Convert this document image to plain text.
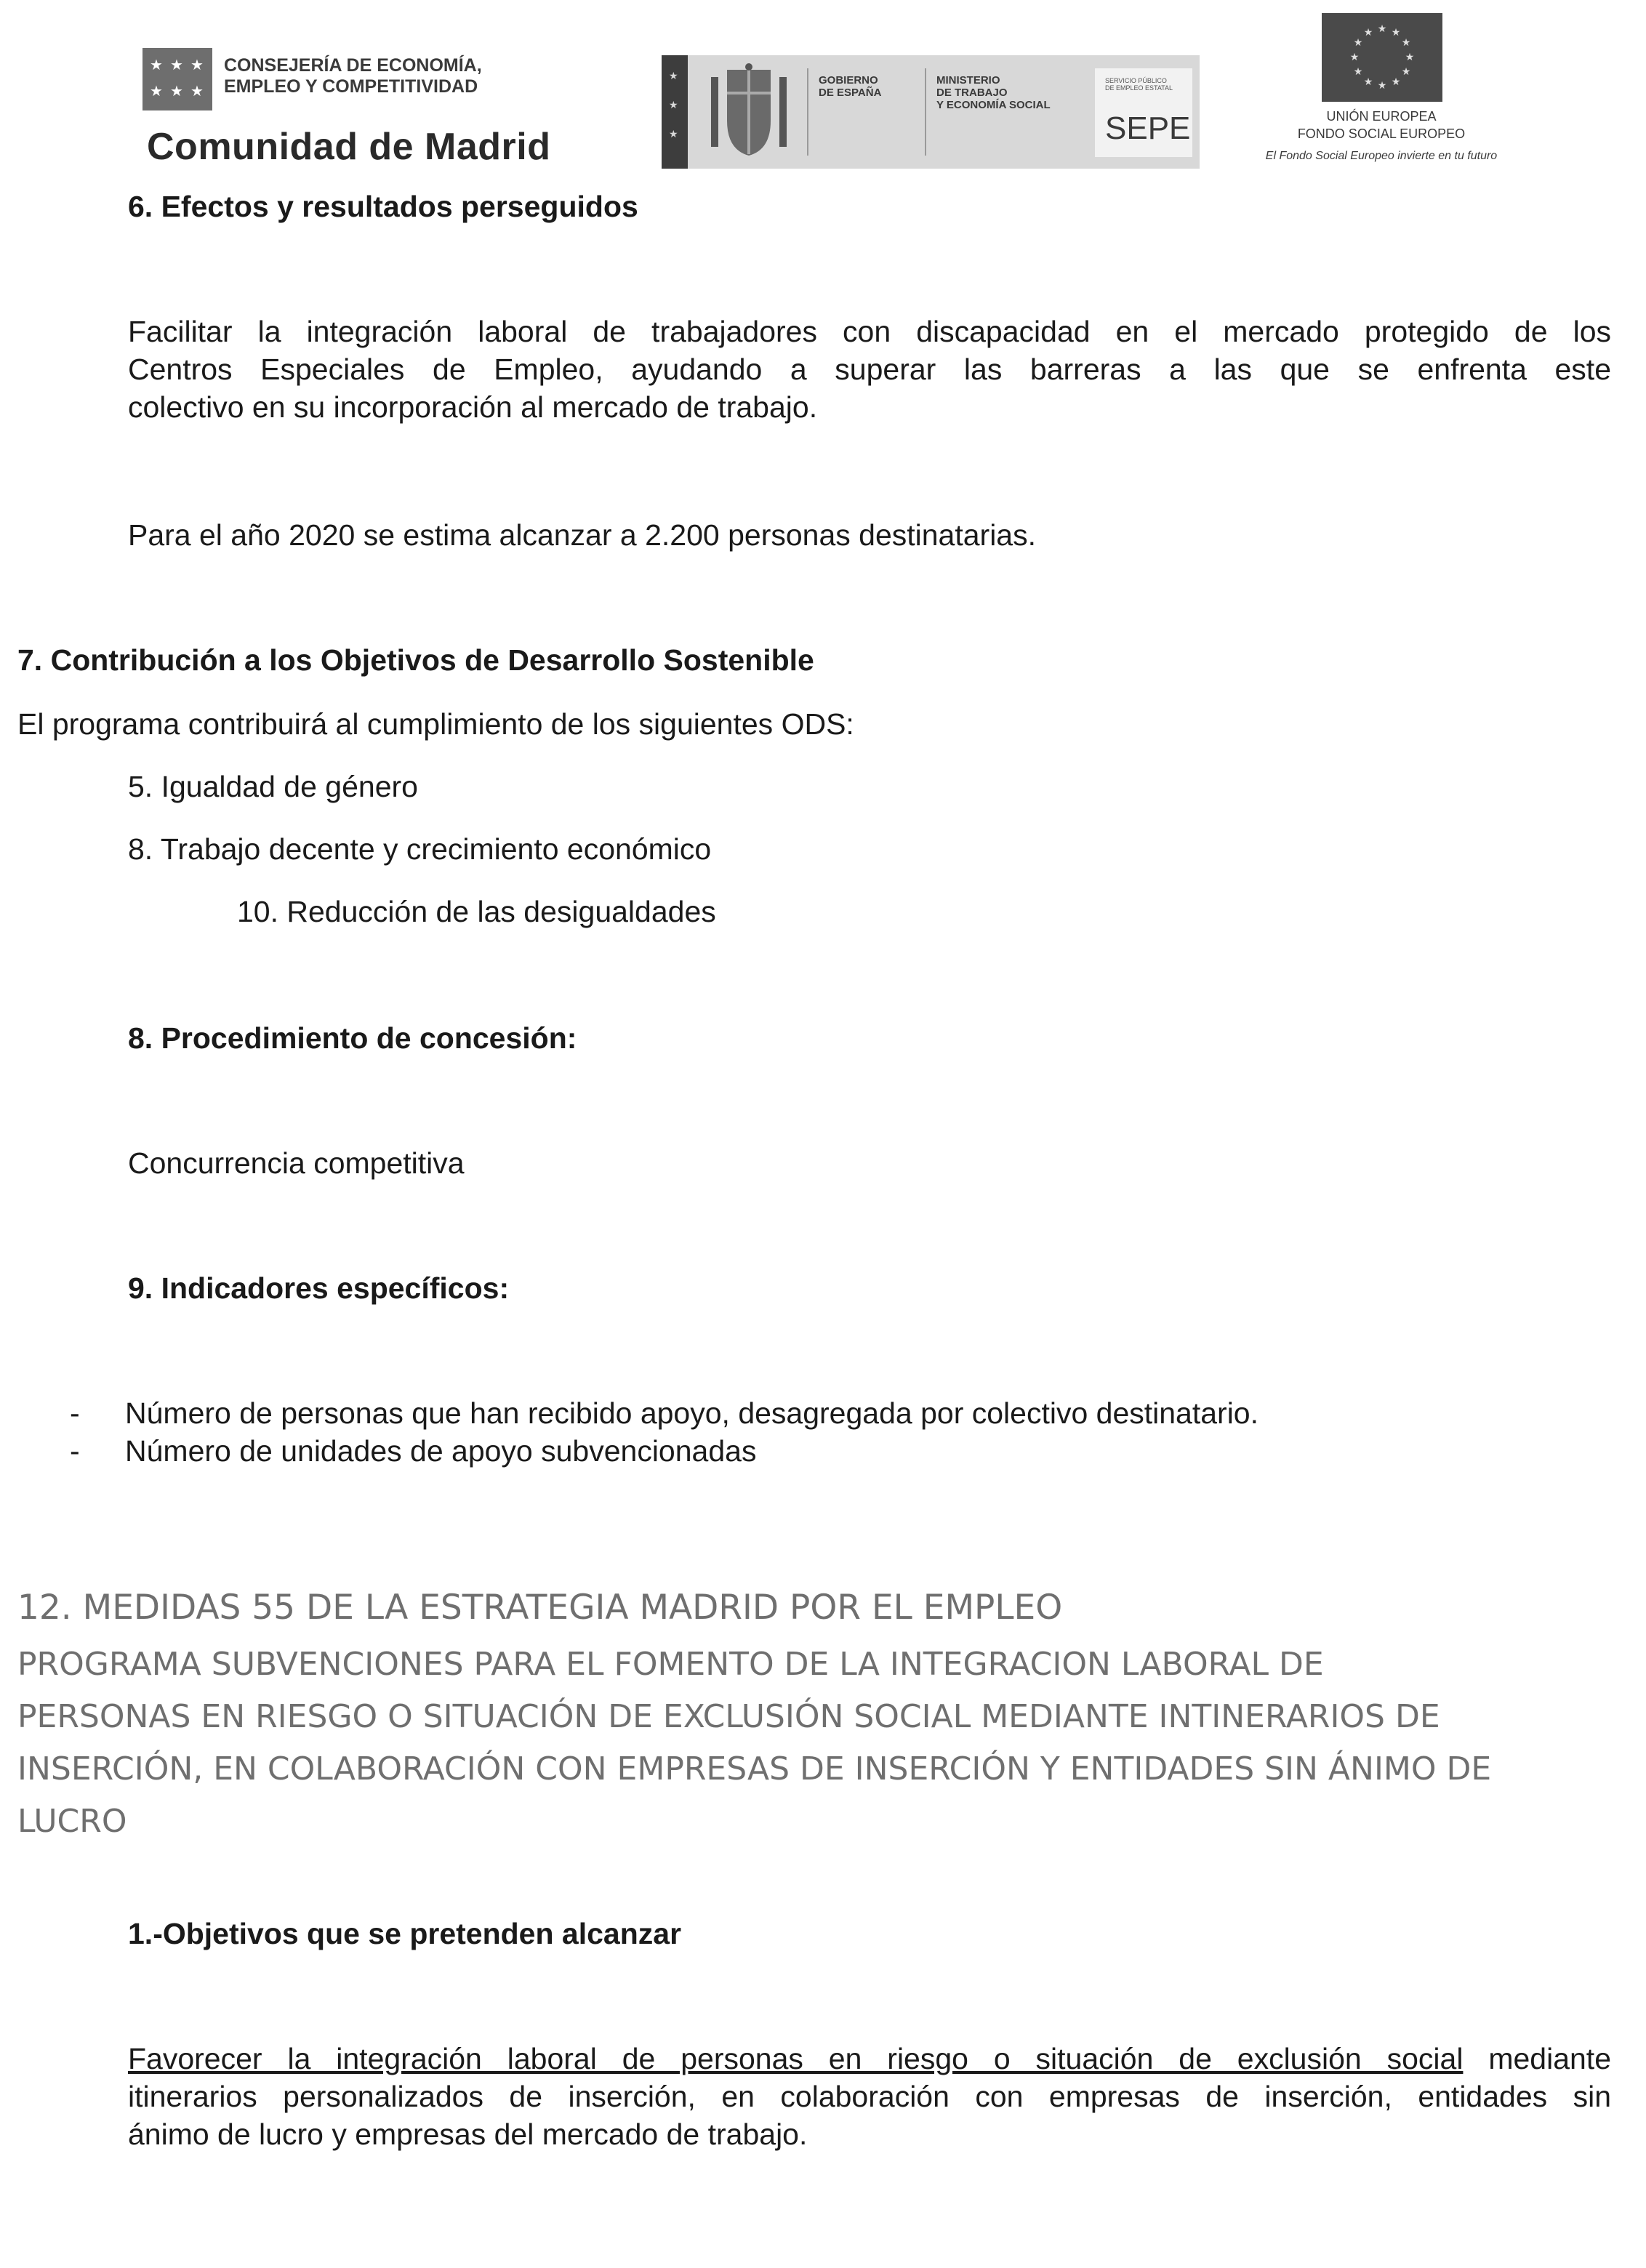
★ ★ ★
★ ★ ★
CONSEJERÍA DE ECONOMÍA,
EMPLEO Y COMPETITIVIDAD
Comunidad de Madrid
★
★
★
GOBIERNO
DE ESPAÑA
MINISTERIO
DE TRABAJO
Y ECONOMÍA SOCIAL
SERVICIO PÚBLICO
DE EMPLEO ESTATAL
SEPE
★ ★
★
★
★
★
★
★
★
★
★
★
UNIÓN EUROPEA
FONDO SOCIAL EUROPEO
El Fondo Social Europeo invierte en tu futuro
6. Efectos y resultados perseguidos
Facilitar la integración laboral de trabajadores con discapacidad en el mercado protegido de los
Centros Especiales de Empleo, ayudando a superar las barreras a las que se enfrenta este
colectivo en su incorporación al mercado de trabajo.
Para el año 2020 se estima alcanzar a 2.200 personas destinatarias.
7. Contribución a los Objetivos de Desarrollo Sostenible
El programa contribuirá al cumplimiento de los siguientes ODS:
5. Igualdad de género
8. Trabajo decente y crecimiento económico
10. Reducción de las desigualdades
8. Procedimiento de concesión:
Concurrencia competitiva
9. Indicadores específicos:
- Número de personas que han recibido apoyo, desagregada por colectivo destinatario.
- Número de unidades de apoyo subvencionadas
12. MEDIDAS 55 DE LA ESTRATEGIA MADRID POR EL EMPLEO
PROGRAMA SUBVENCIONES PARA EL FOMENTO DE LA INTEGRACION LABORAL DE
PERSONAS EN RIESGO O SITUACIÓN DE EXCLUSIÓN SOCIAL MEDIANTE INTINERARIOS DE
INSERCIÓN, EN COLABORACIÓN CON EMPRESAS DE INSERCIÓN Y ENTIDADES SIN ÁNIMO DE
LUCRO
1.-Objetivos que se pretenden alcanzar
Favorecer la integración laboral de personas en riesgo o situación de exclusión social mediante
itinerarios personalizados de inserción, en colaboración con empresas de inserción, entidades sin
ánimo de lucro y empresas del mercado de trabajo.
